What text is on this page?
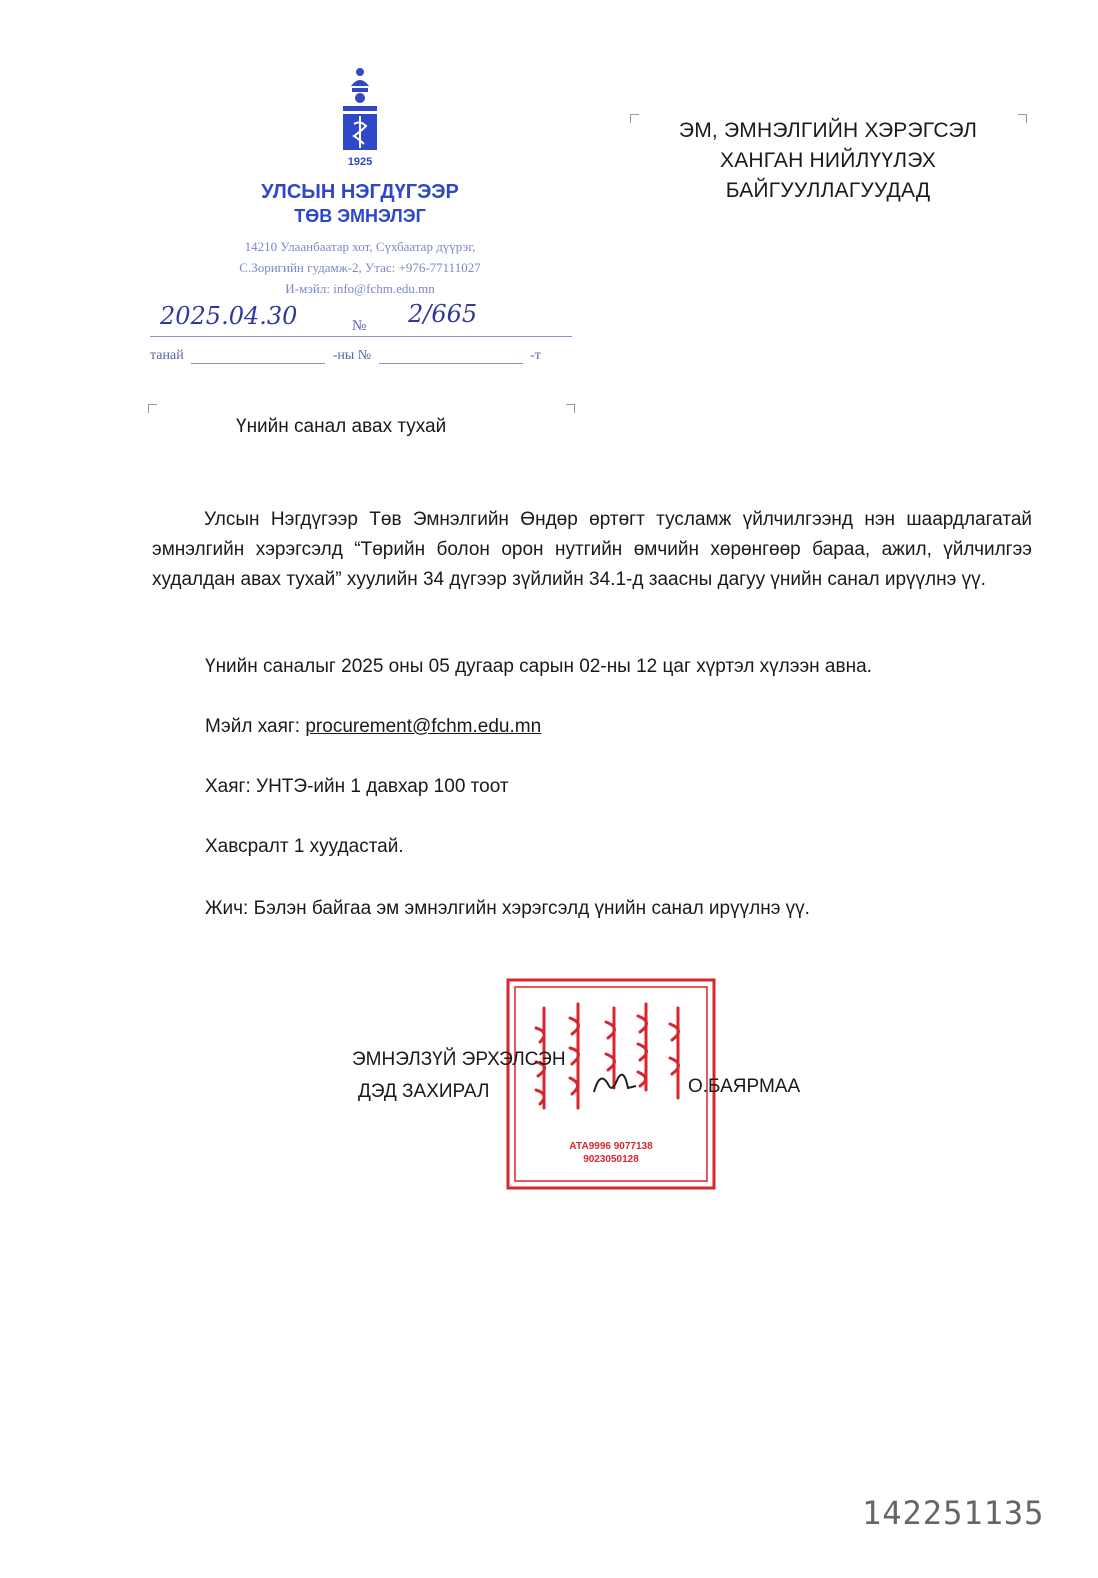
1925
УЛСЫН НЭГДҮГЭЭР
ТӨВ ЭМНЭЛЭГ
14210 Улаанбаатар хот, Сүхбаатар дүүрэг,
С.Зоригийн гудамж-2, Утас: +976-77111027
И-мэйл: info@fchm.edu.mn
2025.04.30	№ 2/665
танай	-ны №	-т
ЭМ, ЭМНЭЛГИЙН ХЭРЭГСЭЛ
ХАНГАН НИЙЛҮҮЛЭХ
БАЙГУУЛЛАГУУДАД
Үнийн санал авах тухай

Улсын Нэгдүгээр Төв Эмнэлгийн Өндөр өртөгт тусламж үйлчилгээнд нэн шаардлагатай эмнэлгийн хэрэгсэлд “Төрийн болон орон нутгийн өмчийн хөрөнгөөр бараа, ажил, үйлчилгээ худалдан авах тухай” хуулийн 34 дүгээр зүйлийн 34.1-д заасны дагуу үнийн санал ирүүлнэ үү.

Үнийн саналыг 2025 оны 05 дугаар сарын 02-ны 12 цаг хүртэл хүлээн авна.
Мэйл хаяг: procurement@fchm.edu.mn
Хаяг: УНТЭ-ийн 1 давхар 100 тоот
Хавсралт 1 хуудастай.
Жич: Бэлэн байгаа эм эмнэлгийн хэрэгсэлд үнийн санал ирүүлнэ үү.
АТА9996 9077138
9023050128
ЭМНЭЛЗҮЙ ЭРХЭЛСЭН
ДЭД ЗАХИРАЛ	О.БАЯРМАА
142251135
